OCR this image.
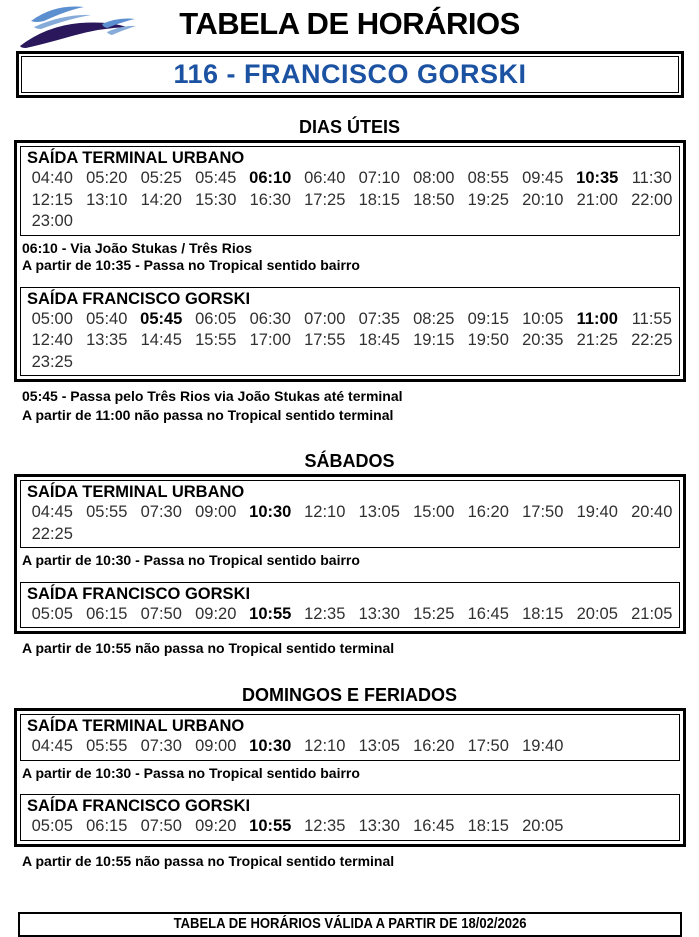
TABELA DE HORÁRIOS
116 - FRANCISCO GORSKI
DIAS ÚTEIS
SAÍDA TERMINAL URBANO
04:40 05:20 05:25 05:45 06:10 06:40 07:10 08:00 08:55 09:45 10:35 11:30
12:15 13:10 14:20 15:30 16:30 17:25 18:15 18:50 19:25 20:10 21:00 22:00
23:00
06:10 - Via João Stukas / Três Rios
A partir de 10:35 - Passa no Tropical sentido bairro
SAÍDA FRANCISCO GORSKI
05:00 05:40 05:45 06:05 06:30 07:00 07:35 08:25 09:15 10:05 11:00 11:55
12:40 13:35 14:45 15:55 17:00 17:55 18:45 19:15 19:50 20:35 21:25 22:25
23:25
05:45 - Passa pelo Três Rios via João Stukas até terminal
A partir de 11:00 não passa no Tropical sentido terminal
SÁBADOS
SAÍDA TERMINAL URBANO
04:45 05:55 07:30 09:00 10:30 12:10 13:05 15:00 16:20 17:50 19:40 20:40
22:25
A partir de 10:30 - Passa no Tropical sentido bairro
SAÍDA FRANCISCO GORSKI
05:05 06:15 07:50 09:20 10:55 12:35 13:30 15:25 16:45 18:15 20:05 21:05
A partir de 10:55 não passa no Tropical sentido terminal
DOMINGOS E FERIADOS
SAÍDA TERMINAL URBANO
04:45 05:55 07:30 09:00 10:30 12:10 13:05 16:20 17:50 19:40
A partir de 10:30 - Passa no Tropical sentido bairro
SAÍDA FRANCISCO GORSKI
05:05 06:15 07:50 09:20 10:55 12:35 13:30 16:45 18:15 20:05
A partir de 10:55 não passa no Tropical sentido terminal
TABELA DE HORÁRIOS VÁLIDA A PARTIR DE 18/02/2026
